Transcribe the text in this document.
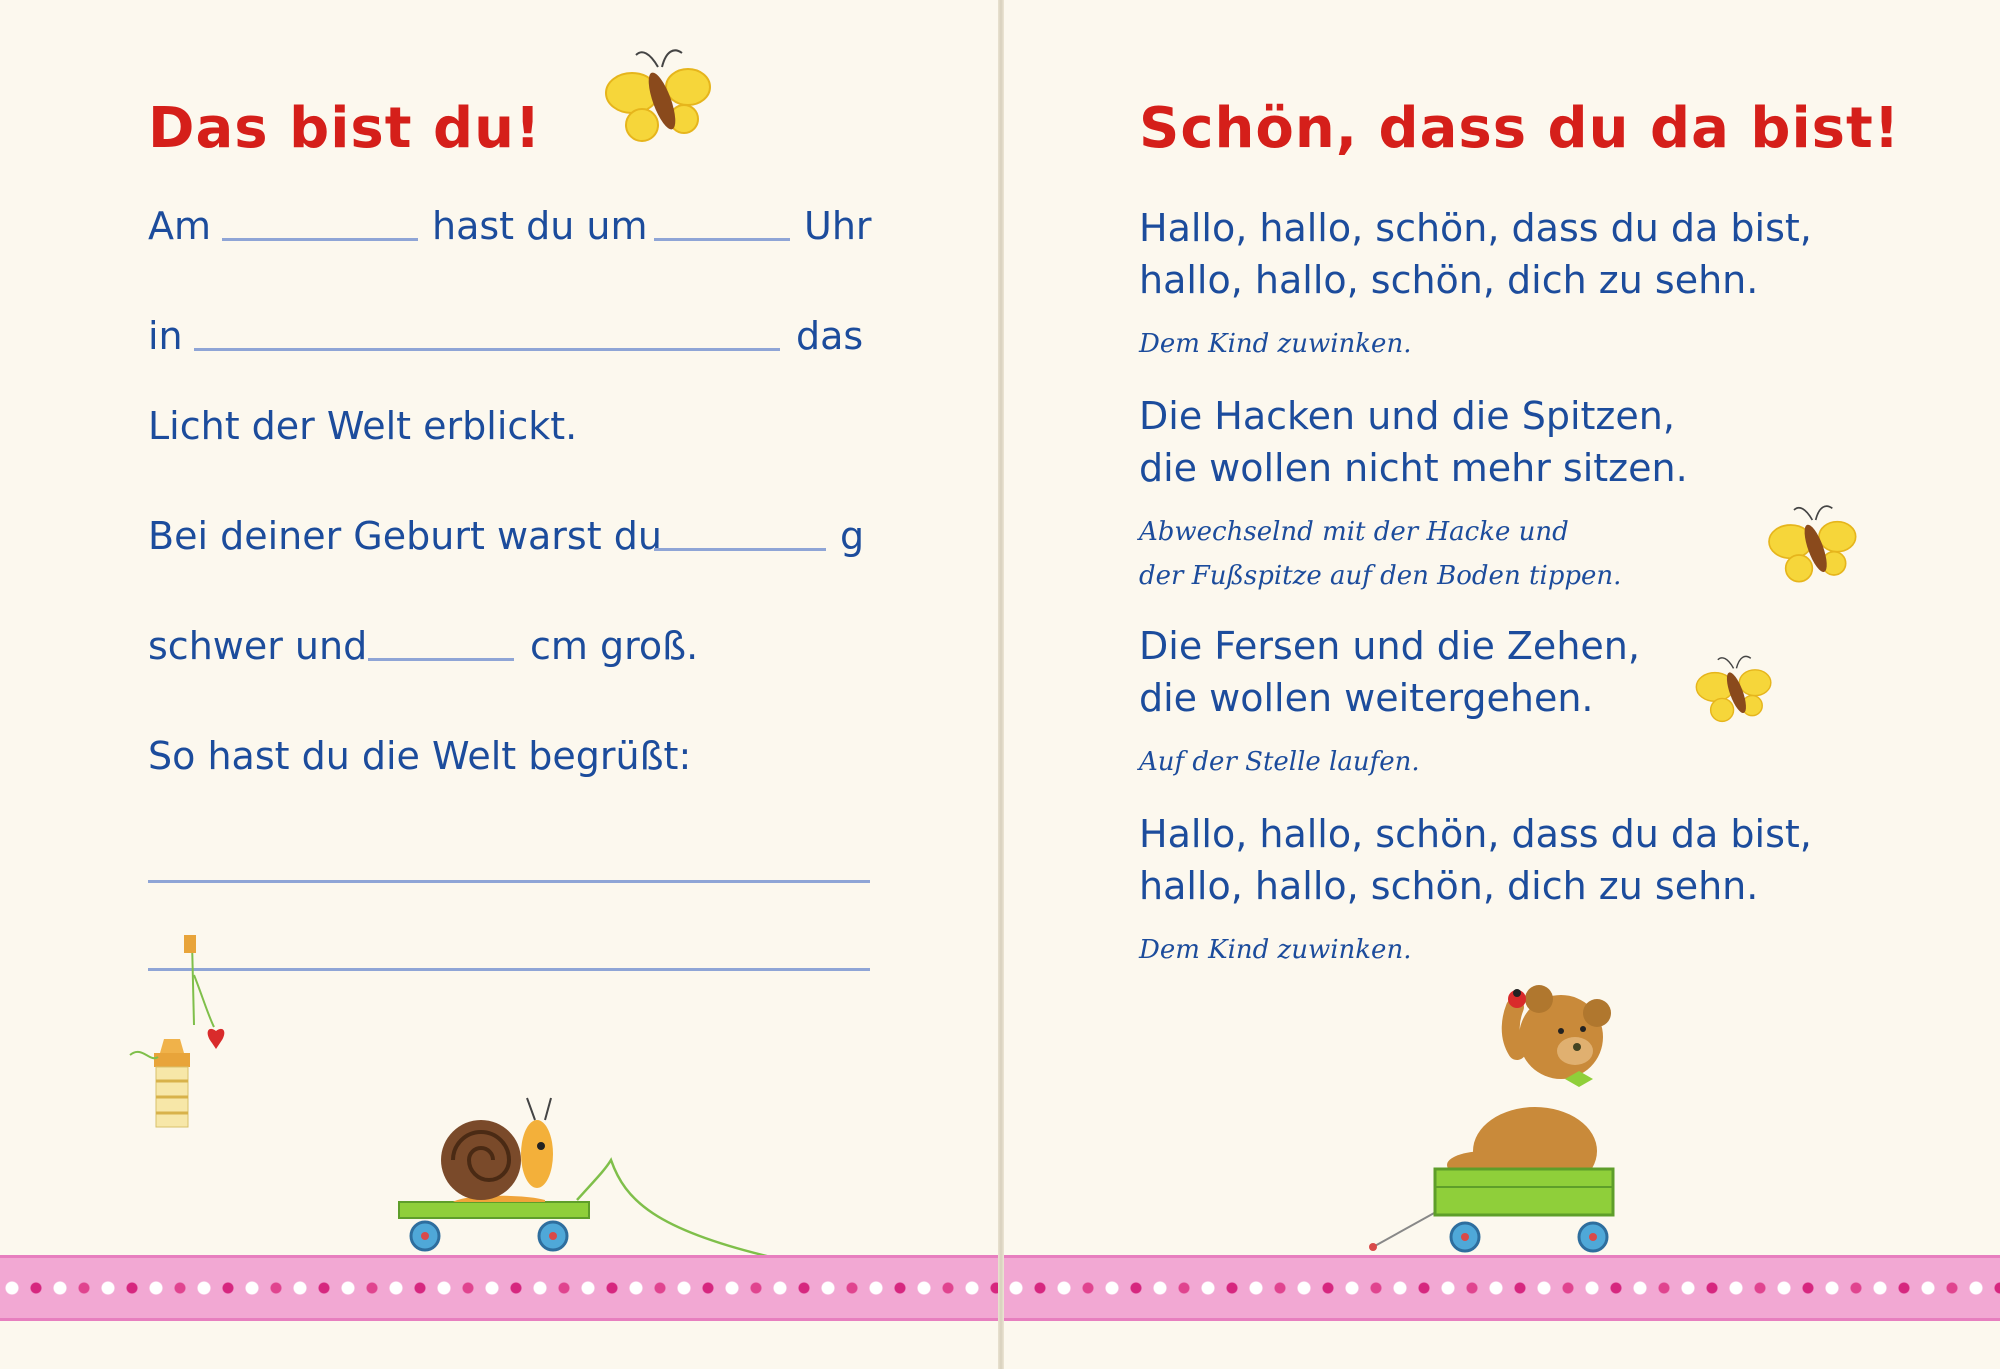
Das bist du!
Am	hast du um	Uhr
in	das
Licht der Welt erblickt.
Bei deiner Geburt warst du	g
schwer und	cm groß.
So hast du die Welt begrüßt:
Schön, dass du da bist!
Hallo, hallo, schön, dass du da bist,
hallo, hallo, schön, dich zu sehn.
Dem Kind zuwinken.
Die Hacken und die Spitzen,
die wollen nicht mehr sitzen.
Abwechselnd mit der Hacke und
der Fußspitze auf den Boden tippen.
Die Fersen und die Zehen,
die wollen weitergehen.
Auf der Stelle laufen.
Hallo, hallo, schön, dass du da bist,
hallo, hallo, schön, dich zu sehn.
Dem Kind zuwinken.
